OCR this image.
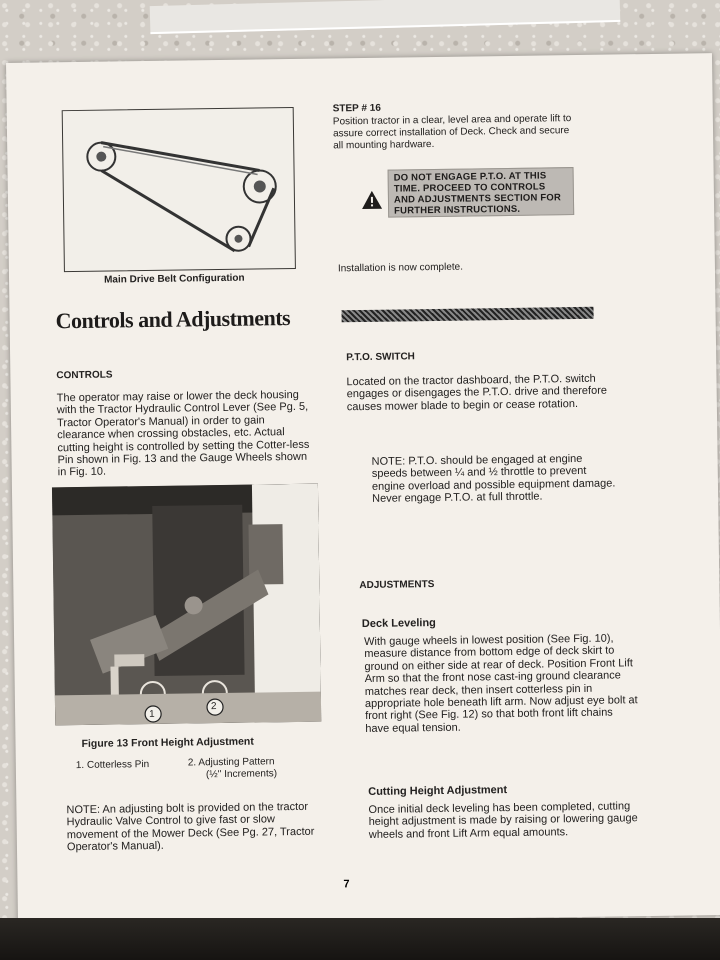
Main Drive Belt Configuration
STEP # 16
Position tractor in a clear, level area and operate lift to assure correct installation of Deck. Check and secure all mounting hardware.
DO NOT ENGAGE P.T.O. AT THIS TIME. PROCEED TO CONTROLS AND ADJUSTMENTS SECTION FOR FURTHER INSTRUCTIONS.
Installation is now complete.
Controls and Adjustments
CONTROLS
The operator may raise or lower the deck housing with the Tractor Hydraulic Control Lever (See Pg. 5, Tractor Operator's Manual) in order to gain clearance when crossing obstacles, etc. Actual cutting height is controlled by setting the Cotter-less Pin shown in Fig. 13 and the Gauge Wheels shown in Fig. 10.
1
2
Figure 13 Front Height Adjustment
1. Cotterless Pin	2. Adjusting Pattern
(½'' Increments)
NOTE: An adjusting bolt is provided on the tractor Hydraulic Valve Control to give fast or slow movement of the Mower Deck (See Pg. 27, Tractor Operator's Manual).
P.T.O. SWITCH
Located on the tractor dashboard, the P.T.O. switch engages or disengages the P.T.O. drive and therefore causes mower blade to begin or cease rotation.
NOTE: P.T.O. should be engaged at engine speeds between ¼ and ½ throttle to prevent engine overload and possible equipment damage. Never engage P.T.O. at full throttle.
ADJUSTMENTS
Deck Leveling
With gauge wheels in lowest position (See Fig. 10), measure distance from bottom edge of deck skirt to ground on either side at rear of deck. Position Front Lift Arm so that the front nose cast-ing ground clearance matches rear deck, then insert cotterless pin in appropriate hole beneath lift arm. Now adjust eye bolt at front right (See Fig. 12) so that both front lift chains have equal tension.
Cutting Height Adjustment
Once initial deck leveling has been completed, cutting height adjustment is made by raising or lowering gauge wheels and front Lift Arm equal amounts.
7
